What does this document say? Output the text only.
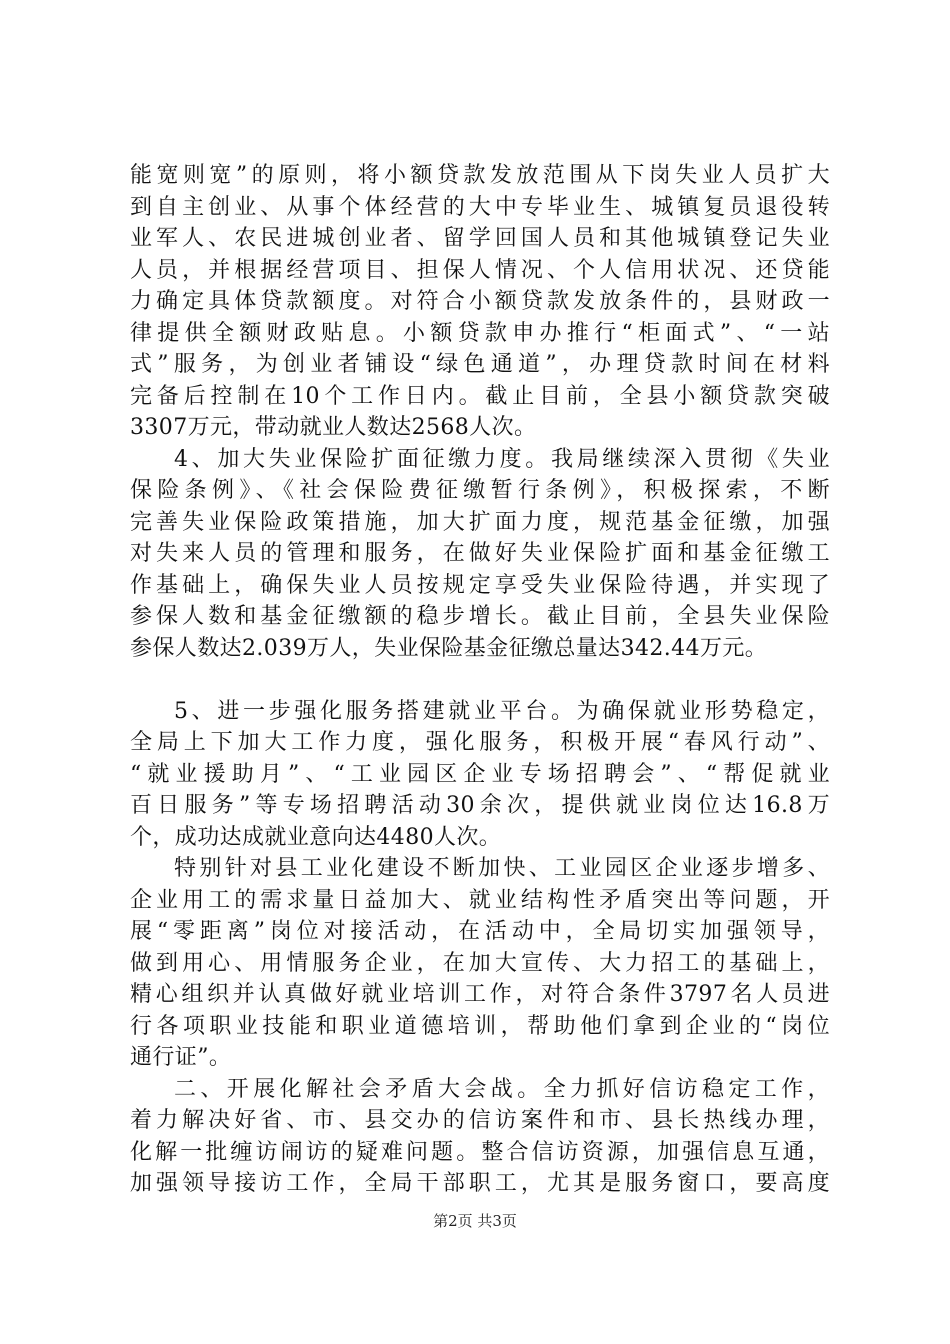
能宽则宽”的原则，将小额贷款发放范围从下岗失业人员扩大
到自主创业、从事个体经营的大中专毕业生、城镇复员退役转
业军人、农民进城创业者、留学回国人员和其他城镇登记失业
人员，并根据经营项目、担保人情况、个人信用状况、还贷能
力确定具体贷款额度。对符合小额贷款发放条件的，县财政一
律提供全额财政贴息。小额贷款申办推行“柜面式”、“一站
式”服务，为创业者铺设“绿色通道”，办理贷款时间在材料
完备后控制在10个工作日内。截止目前，全县小额贷款突破
3307万元，带动就业人数达2568人次。
4、加大失业保险扩面征缴力度。我局继续深入贯彻《失业
保险条例》、《社会保险费征缴暂行条例》，积极探索，不断
完善失业保险政策措施，加大扩面力度，规范基金征缴，加强
对失来人员的管理和服务，在做好失业保险扩面和基金征缴工
作基础上，确保失业人员按规定享受失业保险待遇，并实现了
参保人数和基金征缴额的稳步增长。截止目前，全县失业保险
参保人数达2.039万人，失业保险基金征缴总量达342.44万元。
5、进一步强化服务搭建就业平台。为确保就业形势稳定，
全局上下加大工作力度，强化服务，积极开展“春风行动”、
“就业援助月”、“工业园区企业专场招聘会”、“帮促就业
百日服务”等专场招聘活动30余次，提供就业岗位达16.8万
个，成功达成就业意向达4480人次。
特别针对县工业化建设不断加快、工业园区企业逐步增多、
企业用工的需求量日益加大、就业结构性矛盾突出等问题，开
展“零距离”岗位对接活动，在活动中，全局切实加强领导，
做到用心、用情服务企业，在加大宣传、大力招工的基础上，
精心组织并认真做好就业培训工作，对符合条件3797名人员进
行各项职业技能和职业道德培训，帮助他们拿到企业的“岗位
通行证”。
二、开展化解社会矛盾大会战。全力抓好信访稳定工作，
着力解决好省、市、县交办的信访案件和市、县长热线办理，
化解一批缠访闹访的疑难问题。整合信访资源，加强信息互通，
加强领导接访工作，全局干部职工，尤其是服务窗口，要高度
第2页 共3页
